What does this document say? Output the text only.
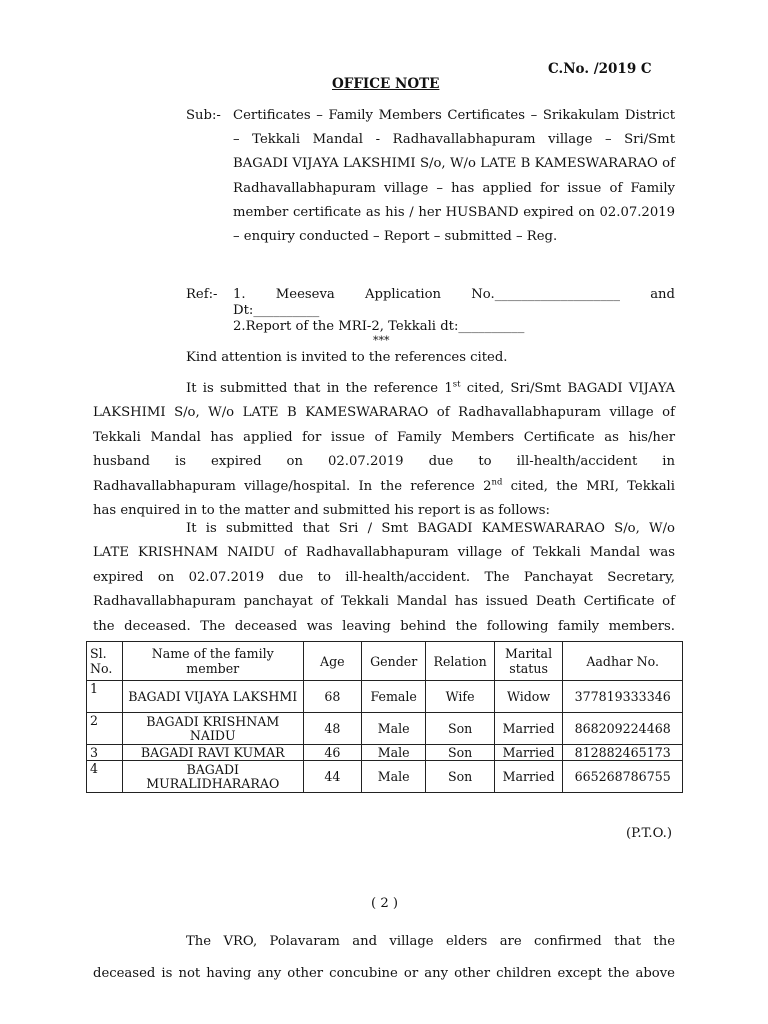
C.No. /2019 C
OFFICE NOTE
Sub:- Certificates – Family Members Certificates – Srikakulam District – Tekkali Mandal - Radhavallabhapuram village – Sri/Smt BAGADI VIJAYA LAKSHIMI S/o, W/o LATE B KAMESWARARAO of Radhavallabhapuram village – has applied for issue of Family member certificate as his / her HUSBAND expired on 02.07.2019 – enquiry conducted – Report – submitted – Reg.
Ref:- 1. Meeseva Application No.___________________ and
Dt:__________
2.Report of the MRI-2, Tekkali dt:__________
***
Kind attention is invited to the references cited.
It is submitted that in the reference 1st cited, Sri/Smt BAGADI VIJAYA
LAKSHIMI S/o, W/o LATE B KAMESWARARAO of Radhavallabhapuram village of
Tekkali Mandal has applied for issue of Family Members Certificate as his/her
husband is expired on 02.07.2019 due to ill-health/accident in
Radhavallabhapuram village/hospital. In the reference 2nd cited, the MRI, Tekkali
has enquired in to the matter and submitted his report is as follows:
It is submitted that Sri / Smt BAGADI KAMESWARARAO S/o, W/o
LATE KRISHNAM NAIDU of Radhavallabhapuram village of Tekkali Mandal was
expired on 02.07.2019 due to ill-health/accident. The Panchayat Secretary,
Radhavallabhapuram panchayat of Tekkali Mandal has issued Death Certificate of
the deceased. The deceased was leaving behind the following family members.
Sl. No.	Name of the family member	Age	Gender	Relation	Marital status	Aadhar No.
1	BAGADI VIJAYA LAKSHMI	68	Female	Wife	Widow	377819333346
2	BAGADI KRISHNAM NAIDU	48	Male	Son	Married	868209224468
3	BAGADI RAVI KUMAR	46	Male	Son	Married	812882465173
4	BAGADI MURALIDHARARAO	44	Male	Son	Married	665268786755
(P.T.O.)
( 2 )
The VRO, Polavaram and village elders are confirmed that the
deceased is not having any other concubine or any other children except the above
